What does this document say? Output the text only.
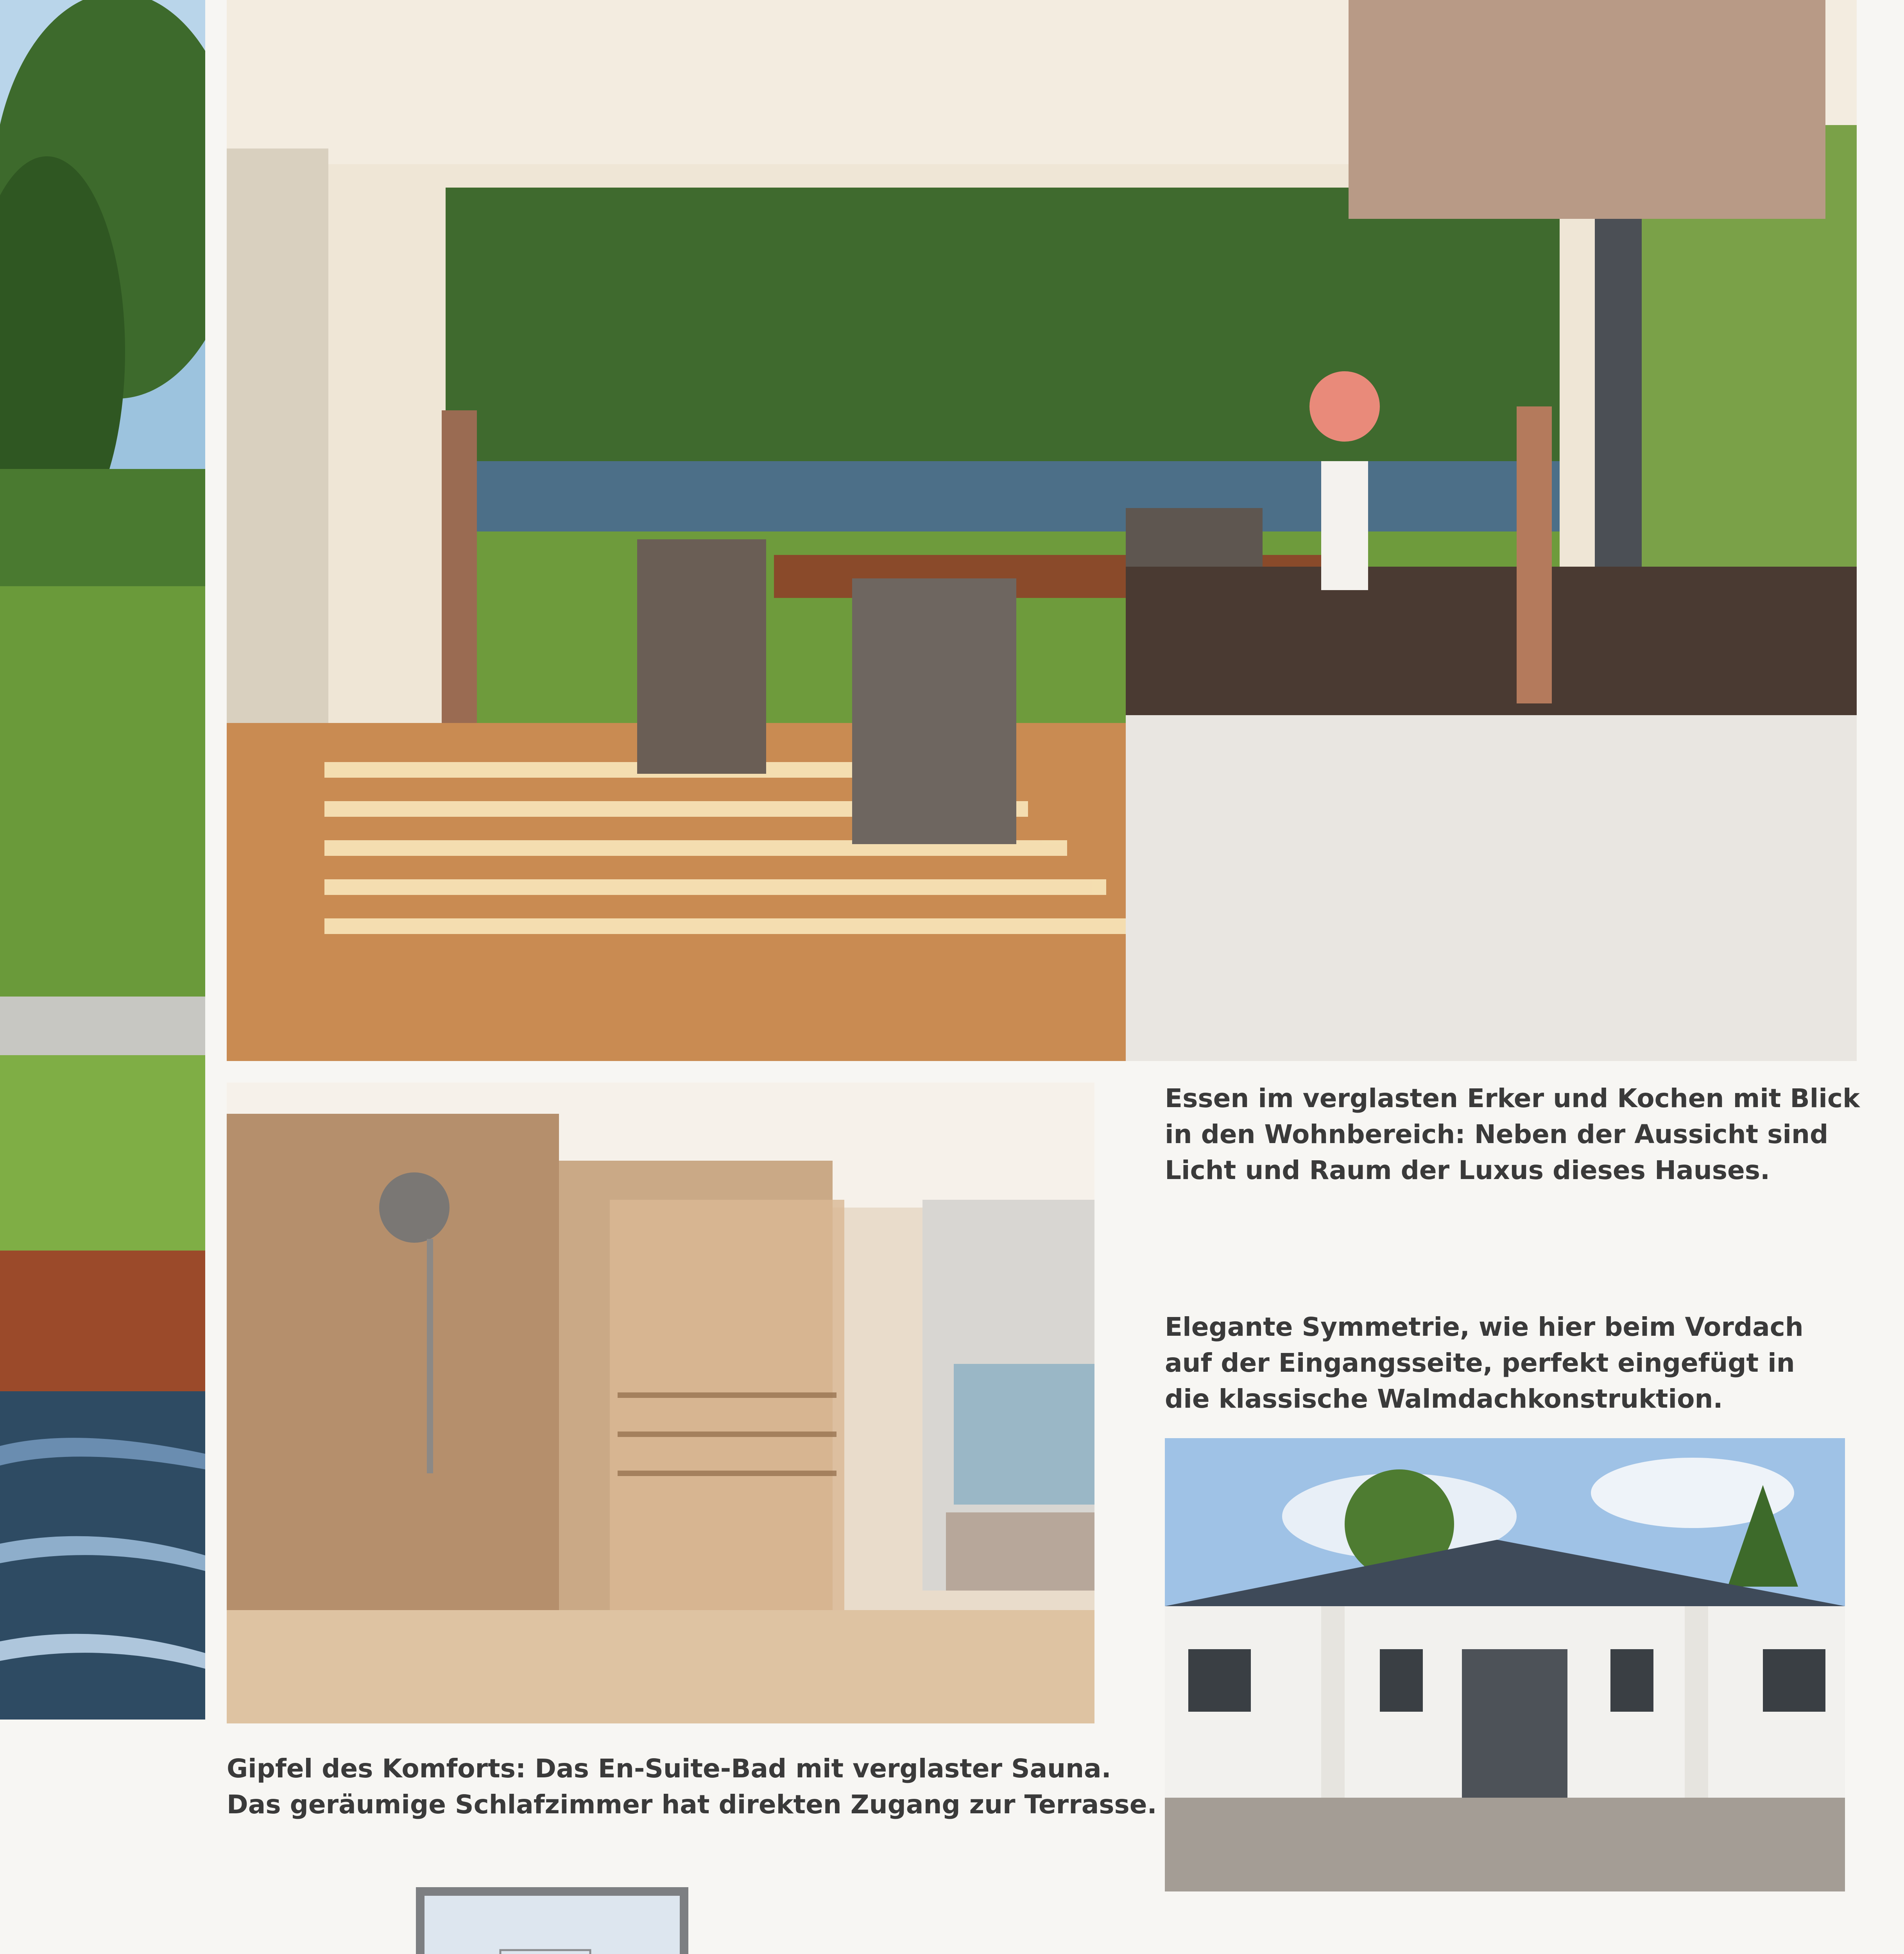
Essen im verglasten Erker und Kochen mit Blick
in den Wohnbereich: Neben der Aussicht sind
Licht und Raum der Luxus dieses Hauses.
Elegante Symmetrie, wie hier beim Vordach
auf der Eingangsseite, perfekt eingefügt in
die klassische Walmdachkonstruktion.
Gipfel des Komforts: Das En-Suite-Bad mit verglaster Sauna.
Das geräumige Schlafzimmer hat direkten Zugang zur Terrasse.
